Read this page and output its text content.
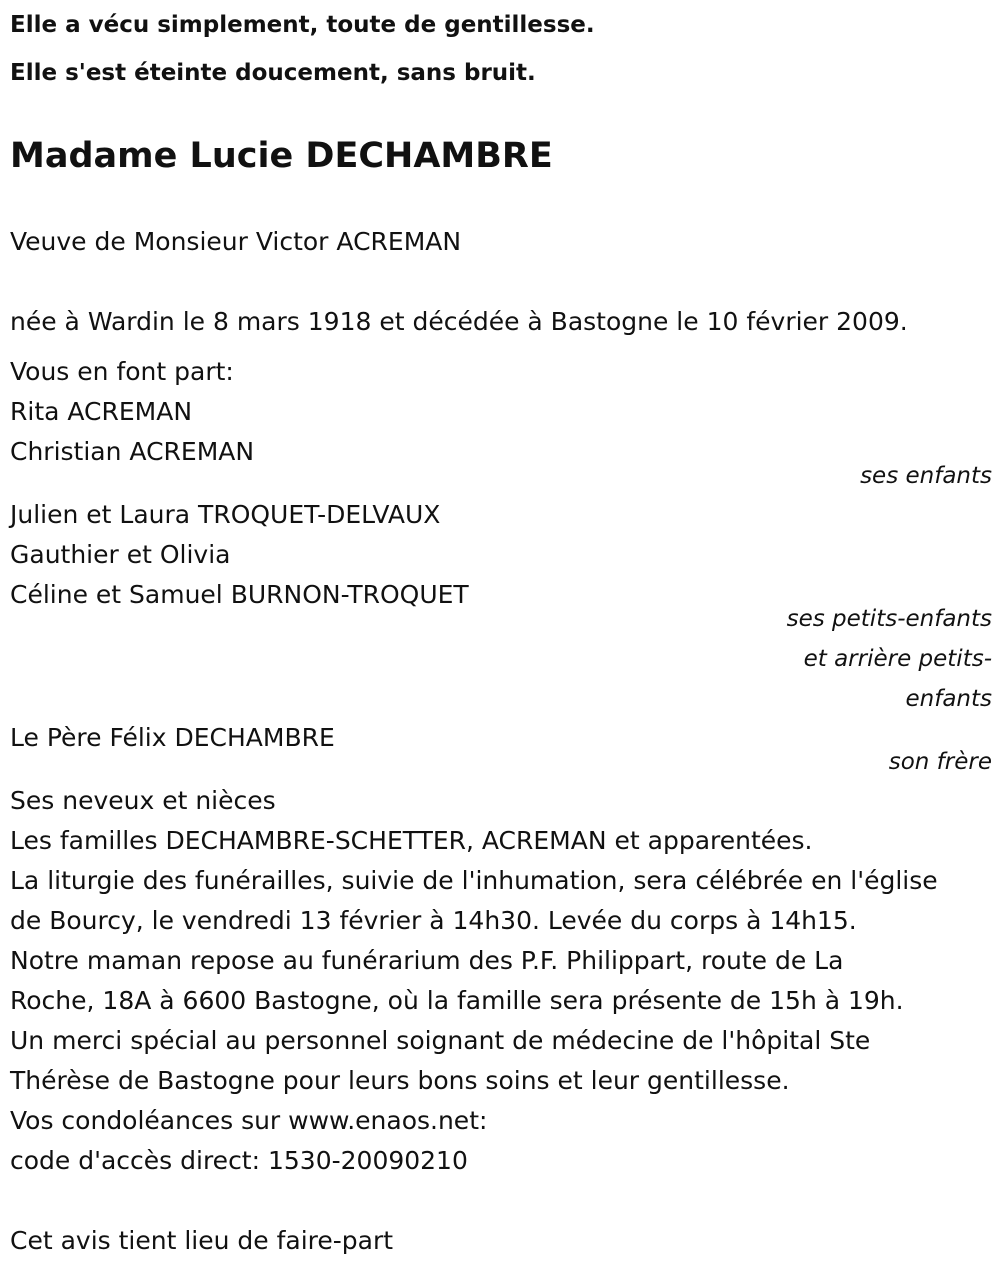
Elle a vécu simplement, toute de gentillesse.
Elle s'est éteinte doucement, sans bruit.
Madame Lucie DECHAMBRE
Veuve de Monsieur Victor ACREMAN
née à Wardin le 8 mars 1918 et décédée à Bastogne le 10 février 2009.
Vous en font part:
Rita ACREMAN
Christian ACREMAN
ses enfants
Julien et Laura TROQUET-DELVAUX
Gauthier et Olivia
Céline et Samuel BURNON-TROQUET
ses petits-enfants
et arrière petits-
enfants
Le Père Félix DECHAMBRE
son frère
Ses neveux et nièces
Les familles DECHAMBRE-SCHETTER, ACREMAN et apparentées.
La liturgie des funérailles, suivie de l'inhumation, sera célébrée en l'église
de Bourcy, le vendredi 13 février à 14h30. Levée du corps à 14h15.
Notre maman repose au funérarium des P.F. Philippart, route de La
Roche, 18A à 6600 Bastogne, où la famille sera présente de 15h à 19h.
Un merci spécial au personnel soignant de médecine de l'hôpital Ste
Thérèse de Bastogne pour leurs bons soins et leur gentillesse.
Vos condoléances sur www.enaos.net:
code d'accès direct: 1530-20090210
Cet avis tient lieu de faire-part
